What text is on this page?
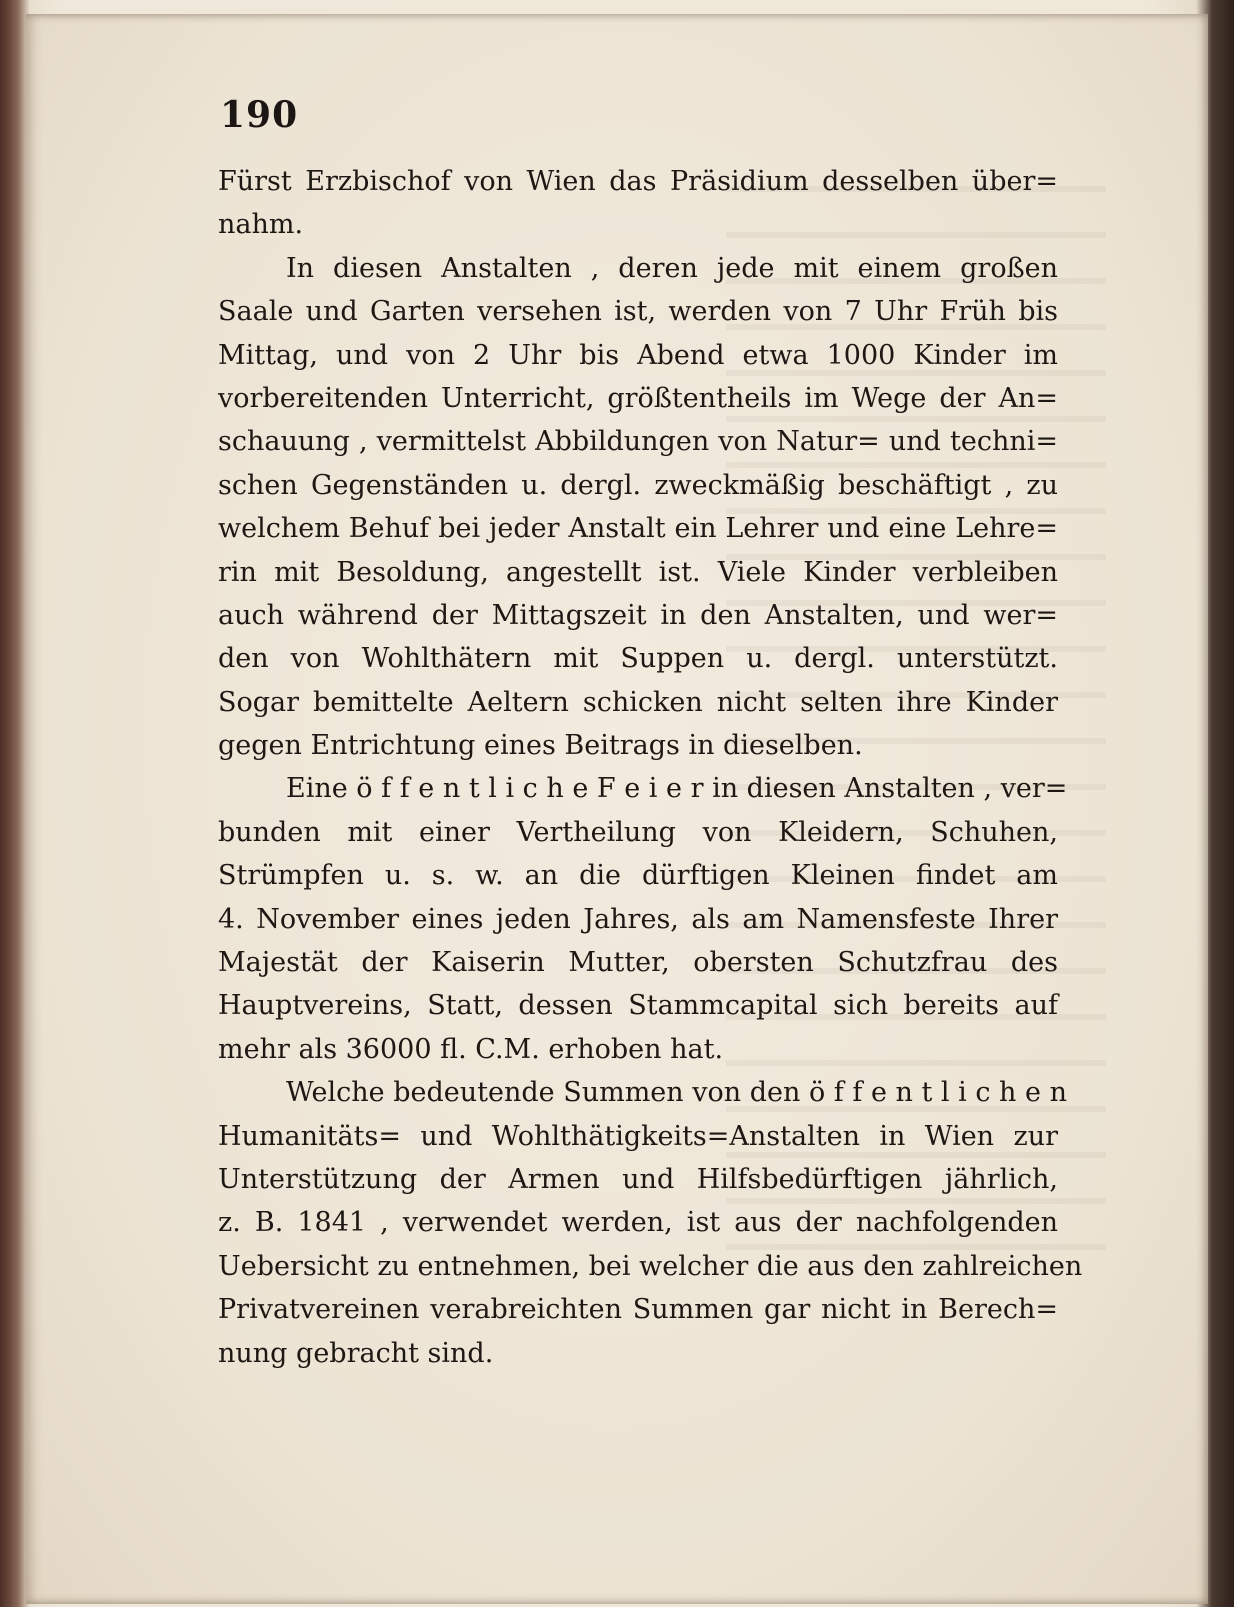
190
Fürst Erzbischof von Wien das Präsidium desselben über=
nahm.
In diesen Anstalten , deren jede mit einem großen
Saale und Garten versehen ist, werden von 7 Uhr Früh bis
Mittag, und von 2 Uhr bis Abend etwa 1000 Kinder im
vorbereitenden Unterricht, größtentheils im Wege der An=
schauung , vermittelst Abbildungen von Natur= und techni=
schen Gegenständen u. dergl. zweckmäßig beschäftigt , zu
welchem Behuf bei jeder Anstalt ein Lehrer und eine Lehre=
rin mit Besoldung, angestellt ist. Viele Kinder verbleiben
auch während der Mittagszeit in den Anstalten, und wer=
den von Wohlthätern mit Suppen u. dergl. unterstützt.
Sogar bemittelte Aeltern schicken nicht selten ihre Kinder
gegen Entrichtung eines Beitrags in dieselben.
Eine ö f f e n t l i c h e F e i e r in diesen Anstalten , ver=
bunden mit einer Vertheilung von Kleidern, Schuhen,
Strümpfen u. s. w. an die dürftigen Kleinen findet am
4. November eines jeden Jahres, als am Namensfeste Ihrer
Majestät der Kaiserin Mutter, obersten Schutzfrau des
Hauptvereins, Statt, dessen Stammcapital sich bereits auf
mehr als 36000 fl. C.M. erhoben hat.
Welche bedeutende Summen von den ö f f e n t l i c h e n
Humanitäts= und Wohlthätigkeits=Anstalten in Wien zur
Unterstützung der Armen und Hilfsbedürftigen jährlich,
z. B. 1841 , verwendet werden, ist aus der nachfolgenden
Uebersicht zu entnehmen, bei welcher die aus den zahlreichen
Privatvereinen verabreichten Summen gar nicht in Berech=
nung gebracht sind.
